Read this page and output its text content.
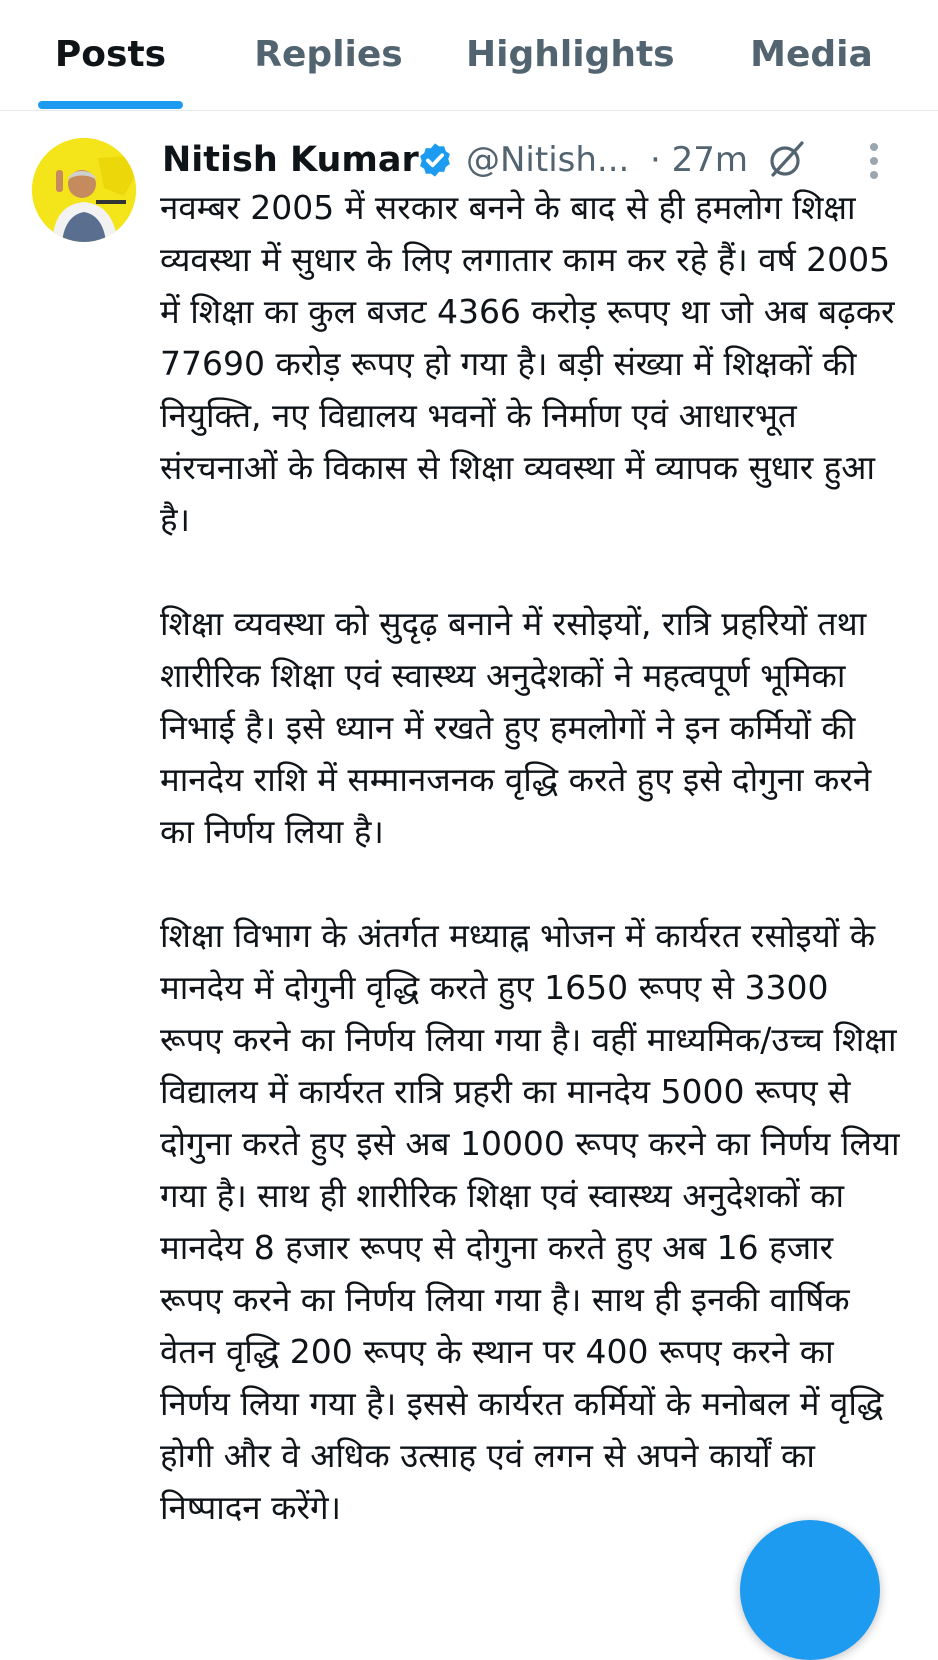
Posts	Replies Highlights Media
Nitish Kumar @Nitish... · 27m

नवम्बर 2005 में सरकार बनने के बाद से ही हमलोग शिक्षा व्यवस्था में सुधार के लिए लगातार काम कर रहे हैं। वर्ष 2005 में शिक्षा का कुल बजट 4366 करोड़ रूपए था जो अब बढ़कर 77690 करोड़ रूपए हो गया है। बड़ी संख्या में शिक्षकों की नियुक्ति, नए विद्यालय भवनों के निर्माण एवं आधारभूत संरचनाओं के विकास से शिक्षा व्यवस्था में व्यापक सुधार हुआ है।

शिक्षा व्यवस्था को सुदृढ़ बनाने में रसोइयों, रात्रि प्रहरियों तथा शारीरिक शिक्षा एवं स्वास्थ्य अनुदेशकों ने महत्वपूर्ण भूमिका निभाई है। इसे ध्यान में रखते हुए हमलोगों ने इन कर्मियों की मानदेय राशि में सम्मानजनक वृद्धि करते हुए इसे दोगुना करने का निर्णय लिया है।

शिक्षा विभाग के अंतर्गत मध्याह्न भोजन में कार्यरत रसोइयों के मानदेय में दोगुनी वृद्धि करते हुए 1650 रूपए से 3300 रूपए करने का निर्णय लिया गया है। वहीं माध्यमिक/उच्च शिक्षा विद्यालय में कार्यरत रात्रि प्रहरी का मानदेय 5000 रूपए से दोगुना करते हुए इसे अब 10000 रूपए करने का निर्णय लिया गया है। साथ ही शारीरिक शिक्षा एवं स्वास्थ्य अनुदेशकों का मानदेय 8 हजार रूपए से दोगुना करते हुए अब 16 हजार रूपए करने का निर्णय लिया गया है। साथ ही इनकी वार्षिक वेतन वृद्धि 200 रूपए के स्थान पर 400 रूपए करने का निर्णय लिया गया है। इससे कार्यरत कर्मियों के मनोबल में वृद्धि होगी और वे अधिक उत्साह एवं लगन से अपने कार्यों का निष्पादन करेंगे।
